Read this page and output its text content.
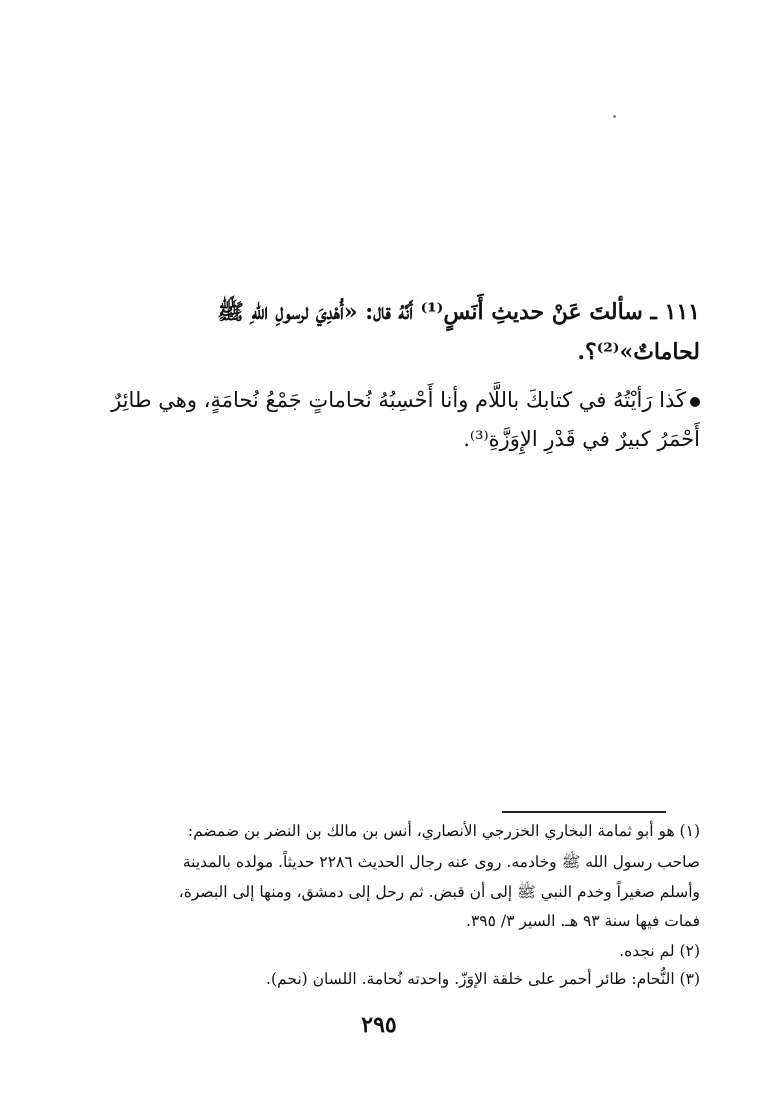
١١١ ـ سألتَ عَنْ حديثِ أَنَسٍ⁽¹⁾ أَنَّهُ قال: «أُهْدِيَ لرسولِ اللهِ ﷺ
لحاماتٌ»⁽²⁾؟.
كَذا رَأيْتُهُ في كتابكَ باللَّام وأنا أَحْسِبُهُ نُحاماتٍ جَمْعُ نُحامَةٍ، وهي طائِرٌ
أَحْمَرُ كبيرٌ في قَدْرِ الإِوَزَّةِ⁽³⁾.
(١) هو أبو ثمامة البخاري الخزرجي الأنصاري، أنس بن مالك بن النضر بن ضمضم:
صاحب رسول الله ﷺ وخادمه. روى عنه رجال الحديث ٢٢٨٦ حديثاً. مولده بالمدينة
وأسلم صغيراً وخدم النبي ﷺ إلى أن قبض. ثم رحل إلى دمشق، ومنها إلى البصرة،
فمات فيها سنة ٩٣ هـ. السير ٣/ ٣٩٥.
(٢) لم نجده.
(٣) النُّحام: طائر أحمر على خلقة الإوَزّ. واحدته نُحامة. اللسان (نحم).
٢٩٥
